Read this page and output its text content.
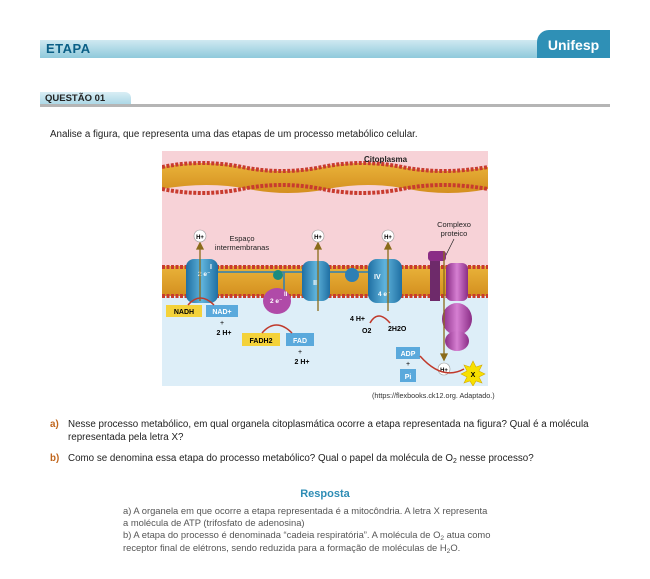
ETAPA	Unifesp
QUESTÃO 01
Analise a figura, que representa uma das etapas de um processo metabólico celular.
Citoplasma
Espaço
intermembranas
Complexo
proteico
2 e⁻
I
2 e⁻
II
III
IV
4 e⁻
H+	H+	H+
H+
NADH	NAD+
+
2 H+
FADH2	FAD
+
2 H+
4 H+
O2 2H2O
ADP
+
Pi	X
(https://flexbooks.ck12.org. Adaptado.)
a) Nesse processo metabólico, em qual organela citoplasmática ocorre a etapa representada na figura? Qual é a molécula representada pela letra X?
b) Como se denomina essa etapa do processo metabólico? Qual o papel da molécula de $O_2$ nesse processo?
Resposta
a) A organela em que ocorre a etapa representada é a mitocôndria. A letra X representa
a molécula de ATP (trifosfato de adenosina)
b) A etapa do processo é denominada “cadeia respiratória”. A molécula de $O_2$ atua como
receptor final de elétrons, sendo reduzida para a formação de moléculas de $H_2O$.
